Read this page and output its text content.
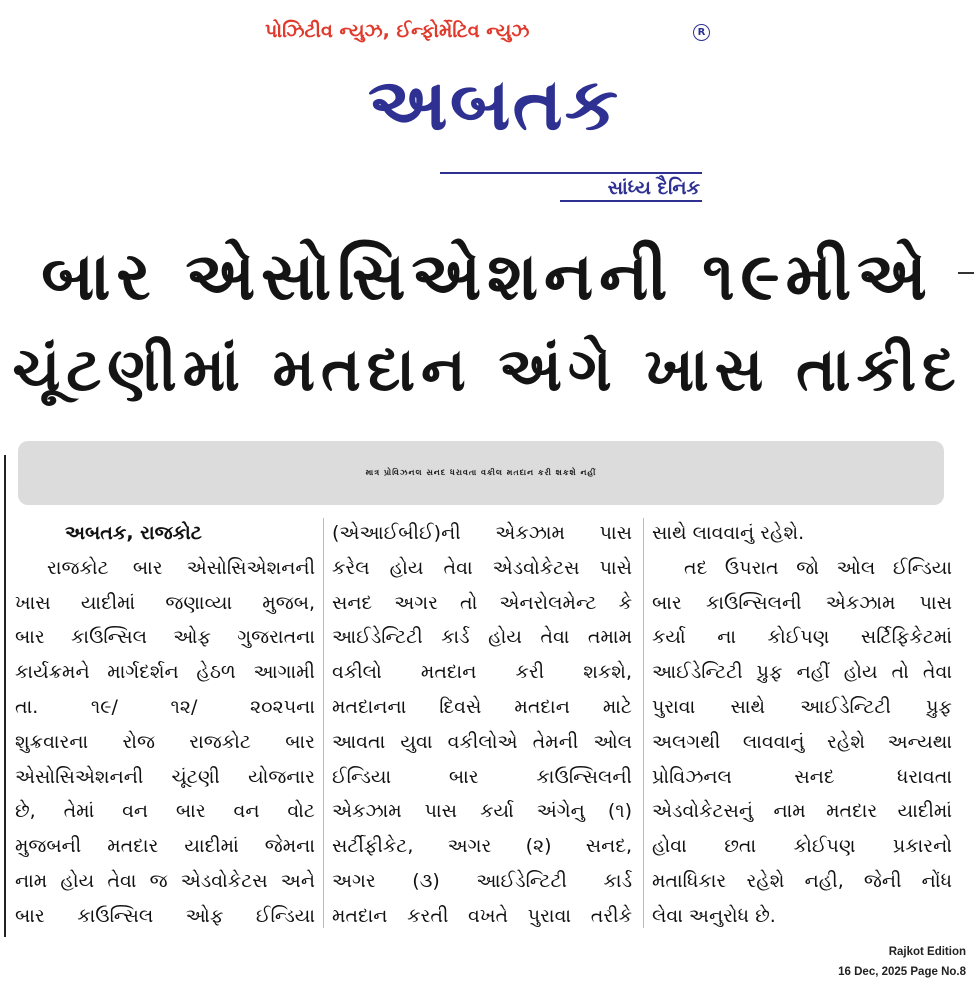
પોઝિટીવ ન્યુઝ, ઈન્ફોર્મેટિવ ન્યુઝ	R
અબતક
સાંધ્ય દૈનિક
બાર એસોસિએશનની ૧૯મીએ
ચૂંટણીમાં મતદાન અંગે ખાસ તાકીદ
માત્ર પ્રોવિઝનલ સનદ ધરાવતા વકીલ મતદાન કરી શકશે નહીં
અબતક, રાજકોટ
રાજકોટ બાર એસોસિએશનની
ખાસ યાદીમાં જણાવ્યા મુજબ,
બાર કાઉન્સિલ ઓફ ગુજરાતના
કાર્યક્રમને માર્ગદર્શન હેઠળ આગામી
તા. ૧૯/ ૧૨/ ૨૦૨૫ના
શુક્રવારના રોજ રાજકોટ બાર
એસોસિએશનની ચૂંટણી યોજનાર
છે, તેમાં વન બાર વન વોટ
મુજબની મતદાર યાદીમાં જેમના
નામ હોય તેવા જ એડવોકેટસ અને
બાર કાઉન્સિલ ઓફ ઈન્ડિયા
(એઆઈબીઈ)ની એકઝામ પાસ
કરેલ હોય તેવા એડવોકેટસ પાસે
સનદ અગર તો એનરોલમેન્ટ કે
આઈડેન્ટિટી કાર્ડ હોય તેવા તમામ
વકીલો મતદાન કરી શકશે,
મતદાનના દિવસે મતદાન માટે
આવતા યુવા વકીલોએ તેમની ઓલ
ઈન્ડિયા બાર કાઉન્સિલની
એકઝામ પાસ કર્યા અંગેનુ (૧)
સર્ટીફીકેટ, અગર (૨) સનદ,
અગર (૩) આઈડેન્ટિટી કાર્ડ
મતદાન કરતી વખતે પુરાવા તરીકે
સાથે લાવવાનું રહેશે.
તદ ઉપરાત જો ઓલ ઈન્ડિયા
બાર કાઉન્સિલની એકઝામ પાસ
કર્યા ના કોઈપણ સર્ટિફિકેટમાં
આઈડેન્ટિટી પ્રુફ નહીં હોય તો તેવા
પુરાવા સાથે આઈડેન્ટિટી પ્રુફ
અલગથી લાવવાનું રહેશે અન્યથા
પ્રોવિઝનલ સનદ ધરાવતા
એડવોકેટસનું નામ મતદાર યાદીમાં
હોવા છતા કોઈપણ પ્રકારનો
મતાધિકાર રહેશે નહી, જેની નોંધ
લેવા અનુરોધ છે.
Rajkot Edition
16 Dec, 2025 Page No.8
